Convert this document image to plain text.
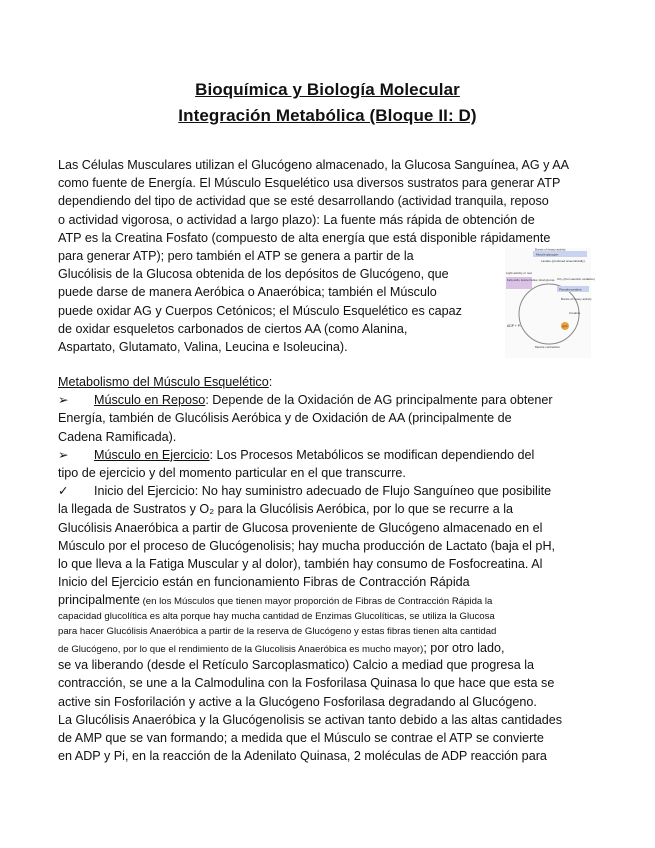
Bioquímica y Biología Molecular
Integración Metabólica (Bloque II: D)
Las Células Musculares utilizan el Glucógeno almacenado, la Glucosa Sanguínea, AG y AA
como fuente de Energía. El Músculo Esquelético usa diversos sustratos para generar ATP
dependiendo del tipo de actividad que se esté desarrollando (actividad tranquila, reposo
o actividad vigorosa, o actividad a largo plazo): La fuente más rápida de obtención de
ATP es la Creatina Fosfato (compuesto de alta energía que está disponible rápidamente
para generar ATP); pero también el ATP se genera a partir de la
Glucólisis de la Glucosa obtenida de los depósitos de Glucógeno, que
puede darse de manera Aeróbica o Anaeróbica; también el Músculo
puede oxidar AG y Cuerpos Cetónicos; el Músculo Esquelético es capaz
de oxidar esqueletos carbonados de ciertos AA (como Alanina,
Aspartato, Glutamato, Valina, Leucina e Isoleucina).
Bursts of heavy activity
Muscle glycogen
Lactate (produced anaerobically)
Light activity or rest
Fatty acids, ketone bodies, blood glucose CO₂ (from aerobic oxidation)
Phosphocreatine
Bursts of heavy activity
Creatine
ADP + Pᵢ	ATP
Muscle contraction
Metabolismo del Músculo Esquelético:
➢ Músculo en Reposo: Depende de la Oxidación de AG principalmente para obtener
Energía, también de Glucólisis Aeróbica y de Oxidación de AA (principalmente de
Cadena Ramificada).
➢ Músculo en Ejercicio: Los Procesos Metabólicos se modifican dependiendo del
tipo de ejercicio y del momento particular en el que transcurre.
✓ Inicio del Ejercicio: No hay suministro adecuado de Flujo Sanguíneo que posibilite
la llegada de Sustratos y O₂ para la Glucólisis Aeróbica, por lo que se recurre a la
Glucólisis Anaeróbica a partir de Glucosa proveniente de Glucógeno almacenado en el
Músculo por el proceso de Glucógenolisis; hay mucha producción de Lactato (baja el pH,
lo que lleva a la Fatiga Muscular y al dolor), también hay consumo de Fosfocreatina. Al
Inicio del Ejercicio están en funcionamiento Fibras de Contracción Rápida
principalmente (en los Músculos que tienen mayor proporción de Fibras de Contracción Rápida la
capacidad glucolítica es alta porque hay mucha cantidad de Enzimas Glucolíticas, se utiliza la Glucosa
para hacer Glucólisis Anaeróbica a partir de la reserva de Glucógeno y estas fibras tienen alta cantidad
de Glucógeno, por lo que el rendimiento de la Glucolisis Anaeróbica es mucho mayor); por otro lado,
se va liberando (desde el Retículo Sarcoplasmatico) Calcio a mediad que progresa la
contracción, se une a la Calmodulina con la Fosforilasa Quinasa lo que hace que esta se
active sin Fosforilación y active a la Glucógeno Fosforilasa degradando al Glucógeno.
La Glucólisis Anaeróbica y la Glucógenolisis se activan tanto debido a las altas cantidades
de AMP que se van formando; a medida que el Músculo se contrae el ATP se convierte
en ADP y Pi, en la reacción de la Adenilato Quinasa, 2 moléculas de ADP reacción para
